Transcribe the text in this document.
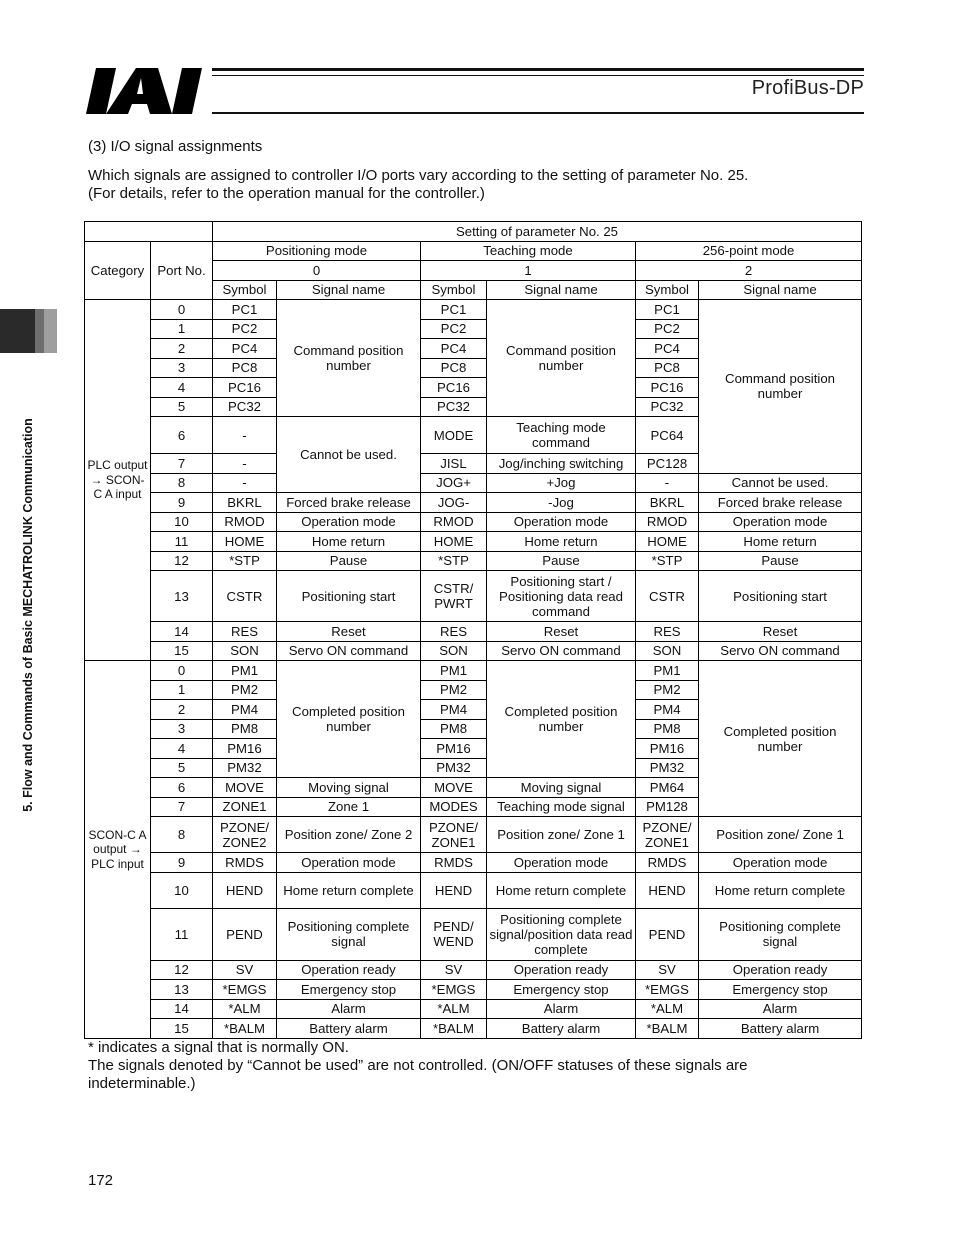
ProfiBus-DP
5. Flow and Commands of Basic MECHATROLINK Communication
(3) I/O signal assignments
Which signals are assigned to controller I/O ports vary according to the setting of parameter No. 25.
(For details, refer to the operation manual for the controller.)
		Setting of parameter No. 25					
Category	Port No.	Positioning mode		Teaching mode		256-point mode	
		0		1		2	
		Symbol	Signal name	Symbol	Signal name	Symbol	Signal name
PLC output → SCON-C A input	0	PC1	Command position number	PC1	Command position number	PC1	Command position number
	1	PC2		PC2		PC2	
	2	PC4		PC4		PC4	
	3	PC8		PC8		PC8	
	4	PC16		PC16		PC16	
	5	PC32		PC32		PC32	
	6	-	Cannot be used.	MODE	Teaching mode command	PC64	
	7	-		JISL	Jog/inching switching	PC128	
	8	-		JOG+	+Jog	-	Cannot be used.
	9	BKRL	Forced brake release	JOG-	-Jog	BKRL	Forced brake release
	10	RMOD	Operation mode	RMOD	Operation mode	RMOD	Operation mode
	11	HOME	Home return	HOME	Home return	HOME	Home return
	12	*STP	Pause	*STP	Pause	*STP	Pause
	13	CSTR	Positioning start	CSTR/ PWRT	Positioning start / Positioning data read command	CSTR	Positioning start
	14	RES	Reset	RES	Reset	RES	Reset
	15	SON	Servo ON command	SON	Servo ON command	SON	Servo ON command
SCON-C A output → PLC input	0	PM1	Completed position number	PM1	Completed position number	PM1	Completed position number
	1	PM2		PM2		PM2	
	2	PM4		PM4		PM4	
	3	PM8		PM8		PM8	
	4	PM16		PM16		PM16	
	5	PM32		PM32		PM32	
	6	MOVE	Moving signal	MOVE	Moving signal	PM64	
	7	ZONE1	Zone 1	MODES	Teaching mode signal	PM128	
	8	PZONE/ ZONE2	Position zone/ Zone 2	PZONE/ ZONE1	Position zone/ Zone 1	PZONE/ ZONE1	Position zone/ Zone 1
	9	RMDS	Operation mode	RMDS	Operation mode	RMDS	Operation mode
	10	HEND	Home return complete	HEND	Home return complete	HEND	Home return complete
	11	PEND	Positioning complete signal	PEND/ WEND	Positioning complete signal/position data read complete	PEND	Positioning complete signal
	12	SV	Operation ready	SV	Operation ready	SV	Operation ready
	13	*EMGS	Emergency stop	*EMGS	Emergency stop	*EMGS	Emergency stop
	14	*ALM	Alarm	*ALM	Alarm	*ALM	Alarm
	15	*BALM	Battery alarm	*BALM	Battery alarm	*BALM	Battery alarm
* indicates a signal that is normally ON.
The signals denoted by “Cannot be used” are not controlled. (ON/OFF statuses of these signals are indeterminable.)
172
